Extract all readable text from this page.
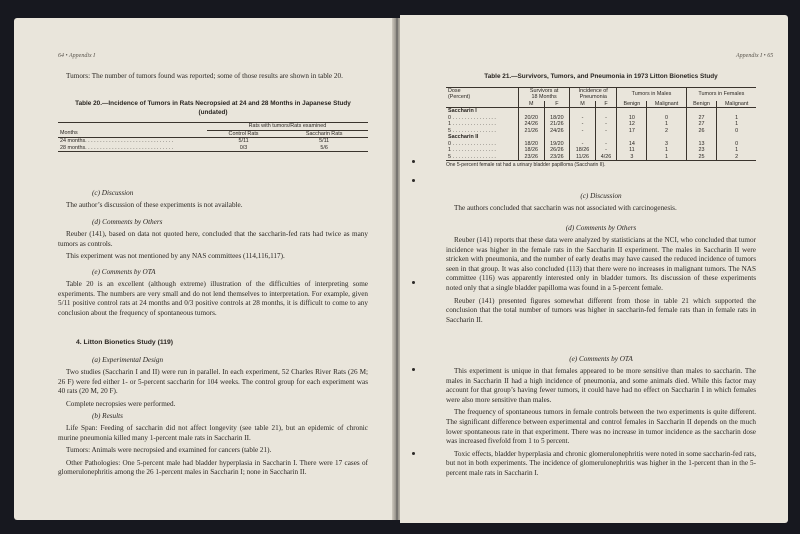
64 • Appendix I

Tumors: The number of tumors found was reported; some of those results are shown in table 20.

Table 20.—Incidence of Tumors in Rats Necropsied at 24 and 28 Months in Japanese Study
(undated)
	Rats with tumors/Rats examined	
Months	Control Rats	Saccharin Rats
24 months. . . . . . . . . . . . . . . . . . . . . . . . . . . . . .	5/11	5/11
28 months. . . . . . . . . . . . . . . . . . . . . . . . . . . . . .	0/3	5/6
(c) Discussion

The author’s discussion of these experiments is not available.

(d) Comments by Others

Reuber (141), based on data not quoted here, concluded that the saccharin-fed rats had twice as many tumors as controls.

This experiment was not mentioned by any NAS committees (114,116,117).

(e) Comments by OTA

Table 20 is an excellent (although extreme) illustration of the difficulties of interpreting some experiments. The numbers are very small and do not lend themselves to interpretation. For example, given 5/11 positive control rats at 24 months and 0/3 positive controls at 28 months, it is difficult to come to any conclusion about the frequency of spontaneous tumors.

4. Litton Bionetics Study (119)
(a) Experimental Design

Two studies (Saccharin I and II) were run in parallel. In each experiment, 52 Charles River Rats (26 M; 26 F) were fed either 1- or 5-percent saccharin for 104 weeks. The control group for each experiment was 40 rats (20 M, 20 F).

Complete necropsies were performed.

(b) Results

Life Span: Feeding of saccharin did not affect longevity (see table 21), but an epidemic of chronic murine pneumonia killed many 1-percent male rats in Saccharin II.

Tumors: Animals were necropsied and examined for cancers (table 21).

Other Pathologies: One 5-percent male had bladder hyperplasia in Saccharin I. There were 17 cases of glomerulonephritis among the 26 1-percent males in Saccharin I; none in Saccharin II.

Appendix I • 65
Table 21.—Survivors, Tumors, and Pneumonia in 1973 Litton Bionetics Study
Dose	Survivors at		Incidence of		Tumors in Males		Tumors in Females	
(Percent)	18 Months		Pneumonia					
	M	F	M	F	Benign	Malignant	Benign	Malignant
Saccharin I								
0 . . . . . . . . . . . . . . .	20/20	18/20	-	-	10	0	27	1
1 . . . . . . . . . . . . . . .	24/26	21/26	-	-	12	1	27	1
5 . . . . . . . . . . . . . . .	21/26	24/26	-	-	17	2	26	0
Saccharin II								
0 . . . . . . . . . . . . . . .	18/20	19/20	-	-	14	3	13	0
1 . . . . . . . . . . . . . . .	18/26	26/26	18/26	-	11	1	23	1
5 . . . . . . . . . . . . . . .	23/26	23/26	11/26	4/26	3	1	25	2
One 5-percent female rat had a urinary bladder papilloma (Saccharin II).
(c) Discussion

The authors concluded that saccharin was not associated with carcinogenesis.

(d) Comments by Others

Reuber (141) reports that these data were analyzed by statisticians at the NCI, who concluded that tumor incidence was higher in the female rats in the Saccharin II experiment. The males in Saccharin II were stricken with pneumonia, and the number of early deaths may have caused the reduced incidence of tumors seen in that group. It was also concluded (113) that there were no increases in malignant tumors. The NAS committee (116) was apparently interested only in bladder tumors. Its discussion of these experiments noted only that a single bladder papilloma was found in a 5-percent female.

Reuber (141) presented figures somewhat different from those in table 21 which supported the conclusion that the total number of tumors was higher in saccharin-fed female rats than in female rats in Saccharin II.

(e) Comments by OTA

This experiment is unique in that females appeared to be more sensitive than males to saccharin. The males in Saccharin II had a high incidence of pneumonia, and some animals died. While this factor may account for that group’s having fewer tumors, it could have had no effect on Saccharin I in which females were also more sensitive than males.

The frequency of spontaneous tumors in female controls between the two experiments is quite different. The significant difference between experimental and control females in Saccharin II depends on the much lower spontaneous rate in that experiment. There was no increase in tumor incidence as the saccharin dose was increased fivefold from 1 to 5 percent.

Toxic effects, bladder hyperplasia and chronic glomerulonephritis were noted in some saccharin-fed rats, but not in both experiments. The incidence of glomerulonephritis was higher in the 1-percent than in the 5-percent male rats in Saccharin I.
